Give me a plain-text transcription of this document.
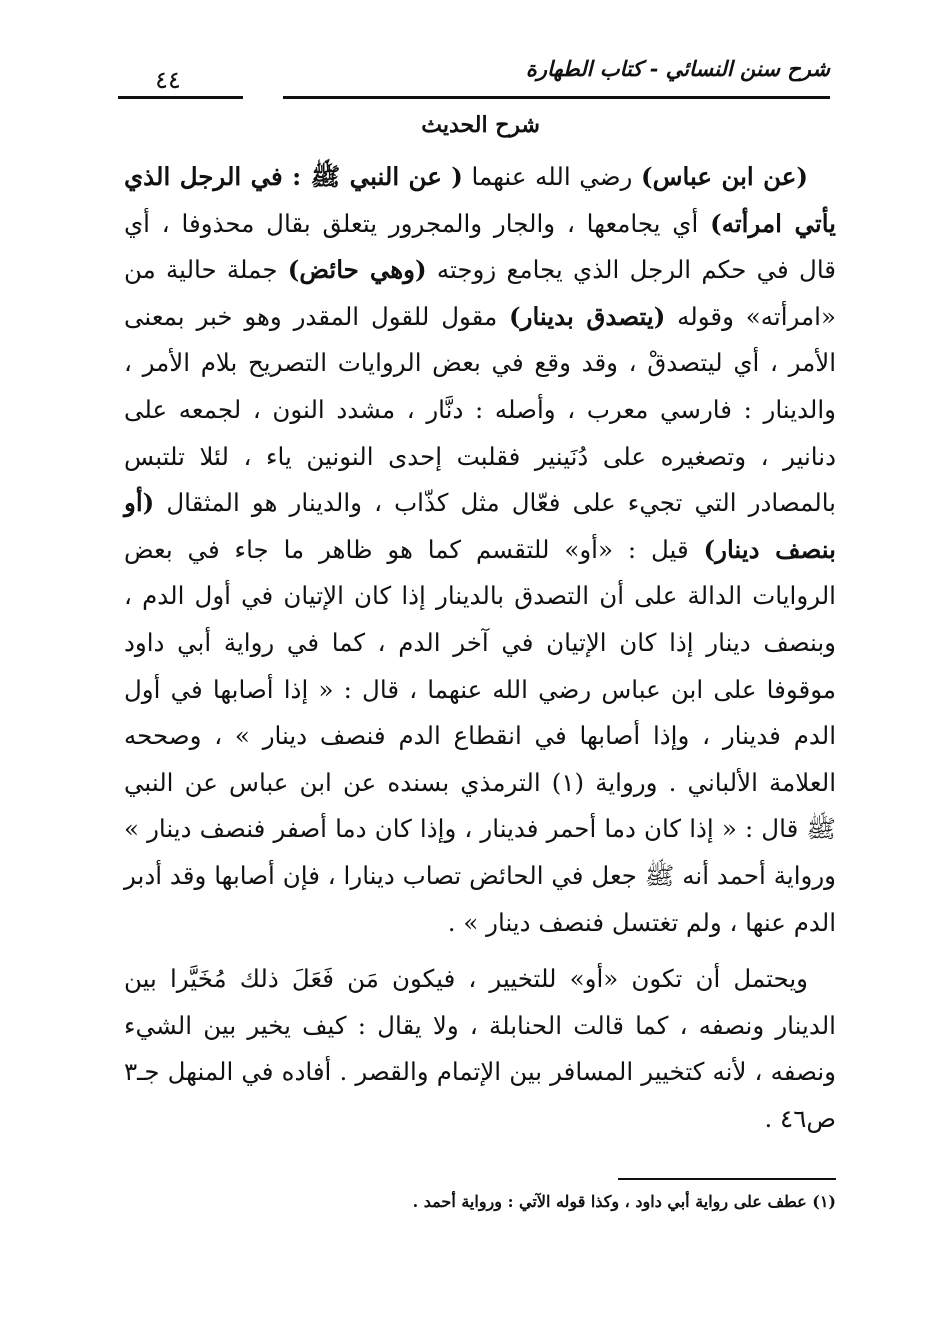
شرح سنن النسائي - كتاب الطهارة
٤٤
شرح الحديث

(عن ابن عباس) رضي الله عنهما ( عن النبي ﷺ : في الرجل الذي يأتي امرأته) أي يجامعها ، والجار والمجرور يتعلق بقال محذوفا ، أي قال في حكم الرجل الذي يجامع زوجته (وهي حائض) جملة حالية من «امرأته» وقوله (يتصدق بدينار) مقول للقول المقدر وهو خبر بمعنى الأمر ، أي ليتصدقْ ، وقد وقع في بعض الروايات التصريح بلام الأمر ، والدينار : فارسي معرب ، وأصله : دنَّار ، مشدد النون ، لجمعه على دنانير ، وتصغيره على دُنَينير فقلبت إحدى النونين ياء ، لئلا تلتبس بالمصادر التي تجيء على فعّال مثل كذّاب ، والدينار هو المثقال (أو بنصف دينار) قيل : «أو» للتقسم كما هو ظاهر ما جاء في بعض الروايات الدالة على أن التصدق بالدينار إذا كان الإتيان في أول الدم ، وبنصف دينار إذا كان الإتيان في آخر الدم ، كما في رواية أبي داود موقوفا على ابن عباس رضي الله عنهما ، قال : « إذا أصابها في أول الدم فدينار ، وإذا أصابها في انقطاع الدم فنصف دينار » ، وصححه العلامة الألباني . ورواية (١) الترمذي بسنده عن ابن عباس عن النبي ﷺ قال : « إذا كان دما أحمر فدينار ، وإذا كان دما أصفر فنصف دينار » ورواية أحمد أنه ﷺ جعل في الحائض تصاب دينارا ، فإن أصابها وقد أدبر الدم عنها ، ولم تغتسل فنصف دينار » .

ويحتمل أن تكون «أو» للتخيير ، فيكون مَن فَعَلَ ذلك مُخَيَّرا بين الدينار ونصفه ، كما قالت الحنابلة ، ولا يقال : كيف يخير بين الشيء ونصفه ، لأنه كتخيير المسافر بين الإتمام والقصر . أفاده في المنهل جـ٣ ص٤٦ .

(١) عطف على رواية أبي داود ، وكذا قوله الآتي : ورواية أحمد .
